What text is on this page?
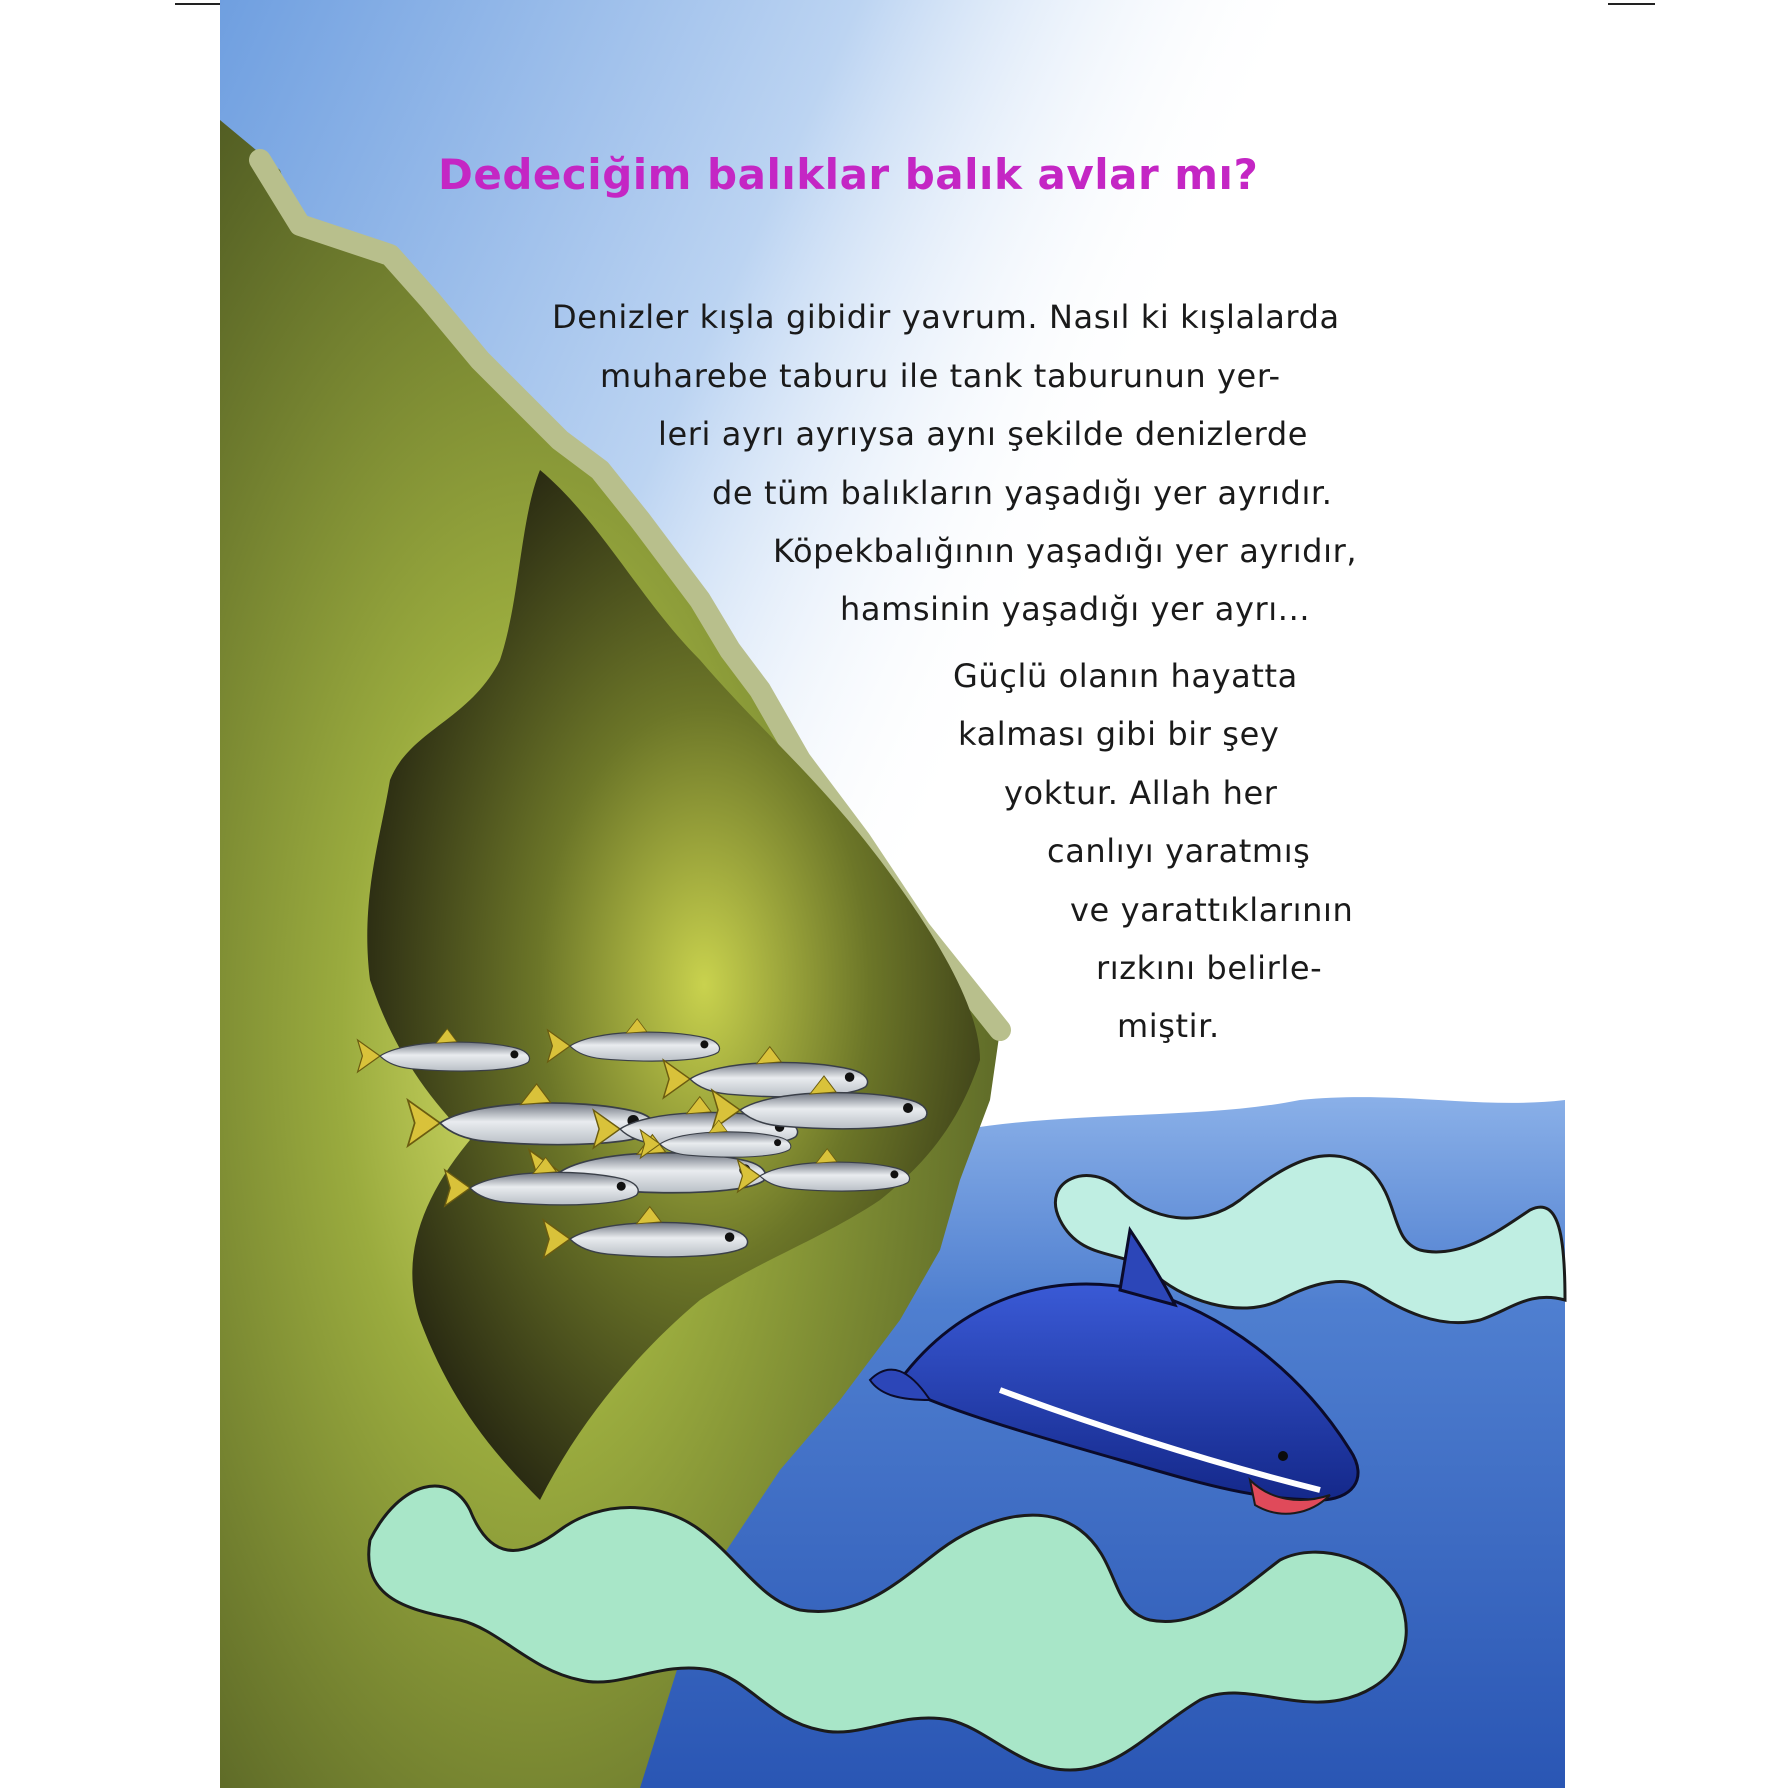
Dedeciğim balıklar balık avlar mı?

Denizler kışla gibidir yavrum. Nasıl ki kışlalarda

muharebe taburu ile tank taburunun yer-

leri ayrı ayrıysa aynı şekilde denizlerde

de tüm balıkların yaşadığı yer ayrıdır.

Köpekbalığının yaşadığı yer ayrıdır,

hamsinin yaşadığı yer ayrı...

Güçlü olanın hayatta

kalması gibi bir şey

yoktur. Allah her

canlıyı yaratmış

ve yarattıklarının

rızkını belirle-

miştir.
